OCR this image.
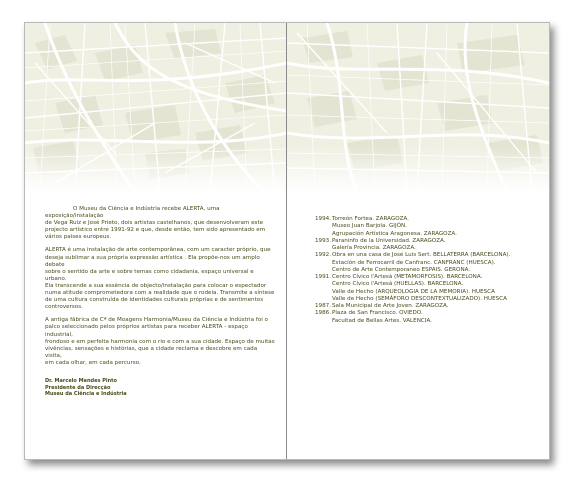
O Museu da Ciência e Indústria recebe ALERTA, uma exposição/instalação
de Vega Ruiz e José Prieto, dois artistas castelhanos, que desenvolveram este
projecto artístico entre 1991-92 e que, desde então, tem sido apresentado em
vários países europeus.

ALERTA é uma instalação de arte contemporânea, com um caracter próprio, que
deseja sublimar a sua própria expressão artística . Ela propõe-nos um amplo debate
sobre o sentido da arte e sobre temas como cidadania, espaço universal e urbano.
Ela transcende a sua essência de objecto/instalação para colocar o espectador
numa atitude comprometedora com a realidade que o rodeia. Transmite a síntese
de uma cultura construída de identidades culturais próprias e de sentimentos
controversos.

A antiga fábrica de Cª de Moagens Harmonia/Museu da Ciência e Indústria foi o
palco seleccionado pelos próprios artistas para receber ALERTA - espaço industrial,
frondoso e em perfeita harmonia com o rio e com a sua cidade. Espaço de muitas
vivências, sensações e histórias, que a cidade reclama e descobre em cada visita,
em cada olhar, em cada percurso.

Dr. Marcelo Mendes Pinto
Presidente da Direcção
Museu da Ciência e Indústria
1994. Torreón Fortea. ZARAGOZA.
Museo Juan Barjola. GIJÓN.
Agrupación Artística Aragonesa. ZARAGOZA.
1993. Paraninfo de la Universidad. ZARAGOZA.
Galería Provincia. ZARAGOZA.
1992. Obra en una casa de José Luis Sert. BELLATERRA (BARCELONA).
Estación de Ferrocarril de Canfranc. CANFRANC (HUESCA).
Centro de Arte Contemporaneo ESPAIS. GERONA.
1991. Centro Cívico l'Artesà (METAMORFOSIS). BARCELONA.
Centro Cívico l'Artesà (HUELLAS). BARCELONA.
Valle de Hecho (ARQUEOLOGIA DE LA MEMORIA). HUESCA
Valle de Hecho (SEMÁFORO DESCONTEXTUALIZADO). HUESCA
1987. Sala Municipal de Arte Joven. ZARAGOZA.
1986. Plaza de San Francisco. OVIEDO.
Facultad de Bellas Artes. VALENCIA.
